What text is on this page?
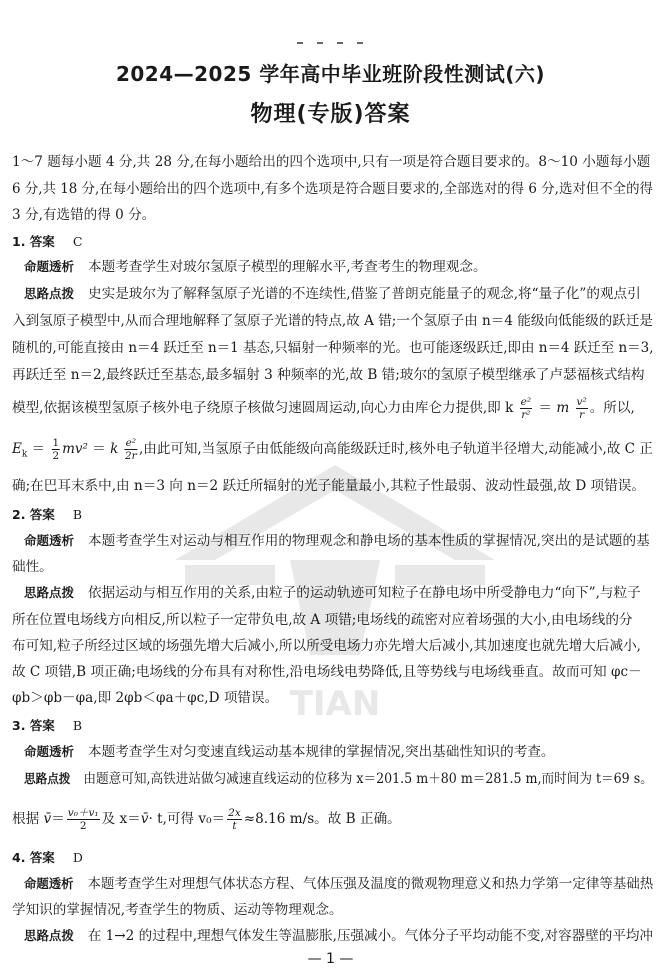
TIAN
2024—2025 学年高中毕业班阶段性测试(六)
物理(专版)答案
1～7 题每小题 4 分,共 28 分,在每小题给出的四个选项中,只有一项是符合题目要求的。8～10 小题每小题
6 分,共 18 分,在每小题给出的四个选项中,有多个选项是符合题目要求的,全部选对的得 6 分,选对但不全的得
3 分,有选错的得 0 分。
1. 答案 C
命题透析 本题考查学生对玻尔氢原子模型的理解水平,考查考生的物理观念。
思路点拨 史实是玻尔为了解释氢原子光谱的不连续性,借鉴了普朗克能量子的观念,将“量子化”的观点引
入到氢原子模型中,从而合理地解释了氢原子光谱的特点,故 A 错;一个氢原子由 n＝4 能级向低能级的跃迁是
随机的,可能直接由 n＝4 跃迁至 n＝1 基态,只辐射一种频率的光。也可能逐级跃迁,即由 n＝4 跃迁至 n＝3,
再跃迁至 n＝2,最终跃迁至基态,最多辐射 3 种频率的光,故 B 错;玻尔的氢原子模型继承了卢瑟福核式结构
模型,依据该模型氢原子核外电子绕原子核做匀速圆周运动,向心力由库仑力提供,即 k $\frac{\text{e²}}{\text{r²}} = m \frac{\text{v²}}{r}$ 。所以,
$E_k = \frac{1}{2} mv^2 = k \frac{\text{e²}}{2r}$ ,由此可知,当氢原子由低能级向高能级跃迁时,核外电子轨道半径增大,动能减小,故 C 正
确;在巴耳末系中,由 n＝3 向 n＝2 跃迁所辐射的光子能量最小,其粒子性最弱、波动性最强,故 D 项错误。
2. 答案 B
命题透析 本题考查学生对运动与相互作用的物理观念和静电场的基本性质的掌握情况,突出的是试题的基
础性。
思路点拨 依据运动与相互作用的关系,由粒子的运动轨迹可知粒子在静电场中所受静电力“向下”,与粒子
所在位置电场线方向相反,所以粒子一定带负电,故 A 项错;电场线的疏密对应着场强的大小,由电场线的分
布可知,粒子所经过区域的场强先增大后减小,所以所受电场力亦先增大后减小,其加速度也就先增大后减小,
故 C 项错,B 项正确;电场线的分布具有对称性,沿电场线电势降低,且等势线与电场线垂直。故而可知 φc－
φb＞φb－φa,即 2φb＜φa＋φc,D 项错误。
3. 答案 B
命题透析 本题考查学生对匀变速直线运动基本规律的掌握情况,突出基础性知识的考查。
思路点拨 由题意可知,高铁进站做匀减速直线运动的位移为 x＝201.5 m＋80 m＝281.5 m,而时间为 t＝69 s。
根据 v̄＝ $\frac{\text{v₀＋v₁}}{2}$ 及 x＝v̄· t,可得 $v_0= \frac{2x}{t} \approx 8.16$ m/s。故 B 正确。
4. 答案 D
命题透析 本题考查学生对理想气体状态方程、气体压强及温度的微观物理意义和热力学第一定律等基础热
学知识的掌握情况,考查学生的物质、运动等物理观念。
思路点拨 在 1→2 的过程中,理想气体发生等温膨胀,压强减小。气体分子平均动能不变,对容器壁的平均冲
— 1 —
